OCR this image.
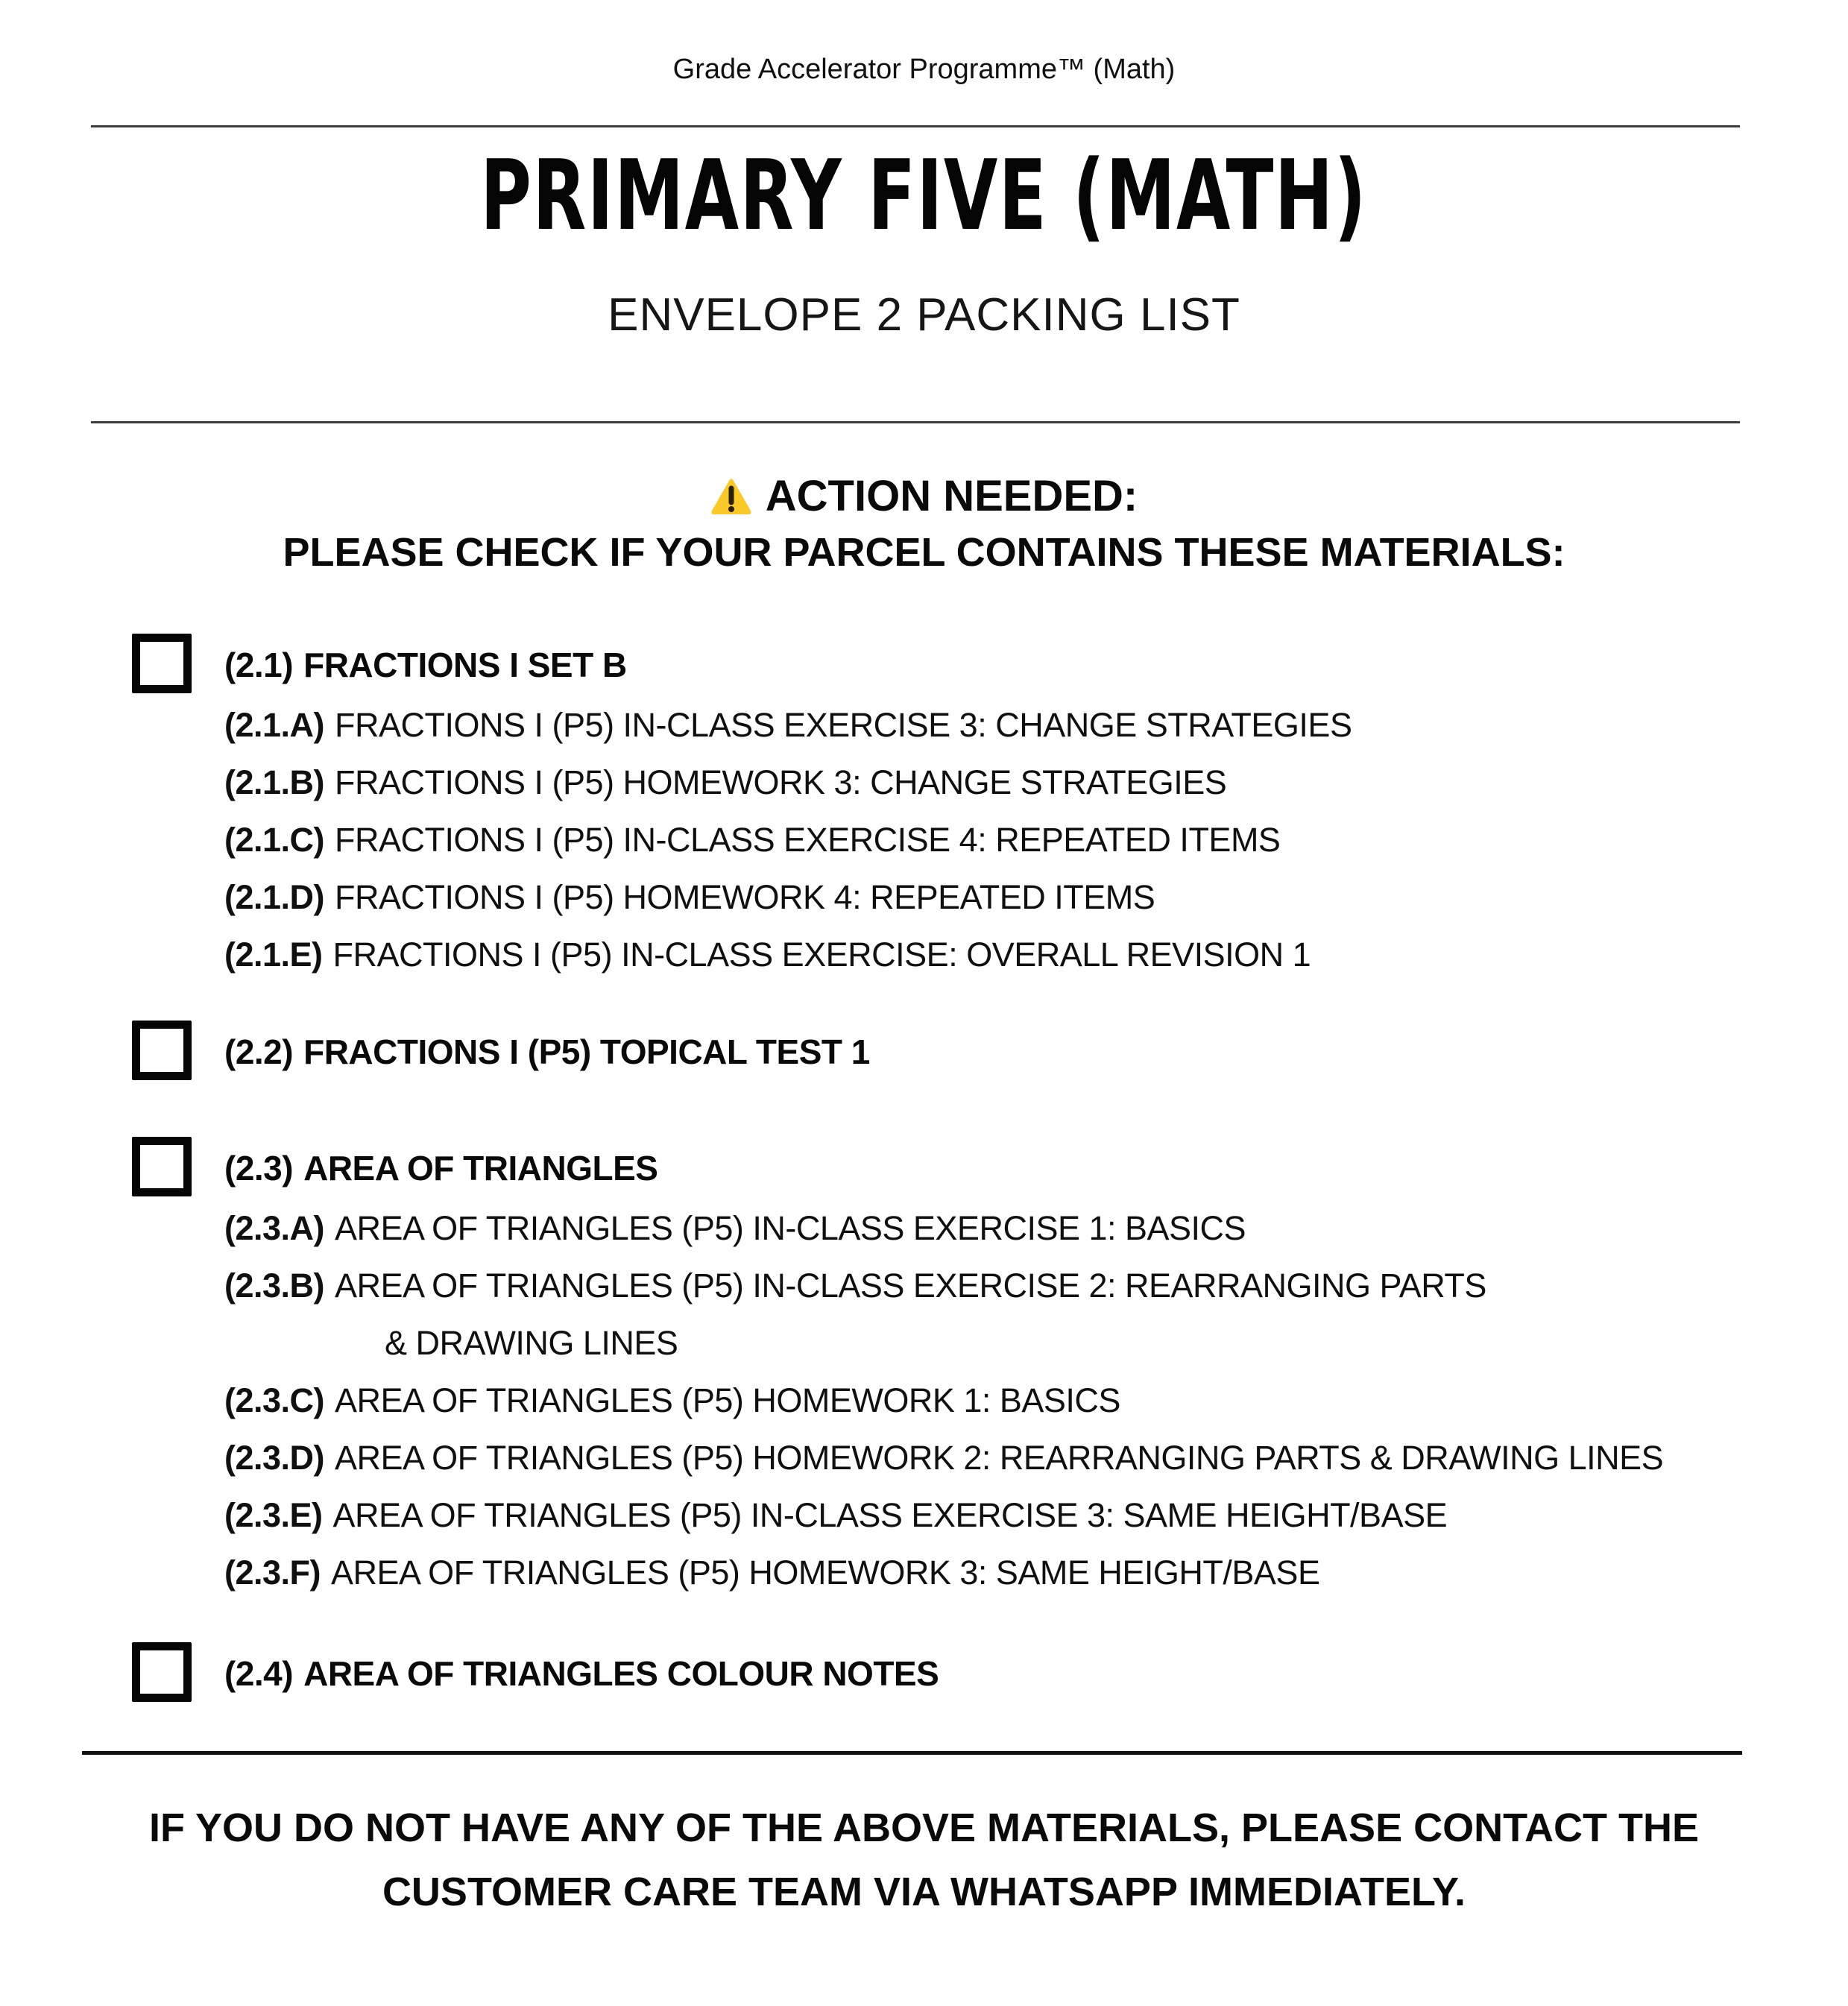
Grade Accelerator Programme™ (Math)
PRIMARY FIVE (MATH)
ENVELOPE 2 PACKING LIST
ACTION NEEDED:
PLEASE CHECK IF YOUR PARCEL CONTAINS THESE MATERIALS:
(2.1) FRACTIONS I SET B
(2.1.A) FRACTIONS I (P5) IN-CLASS EXERCISE 3: CHANGE STRATEGIES
(2.1.B) FRACTIONS I (P5) HOMEWORK 3: CHANGE STRATEGIES
(2.1.C) FRACTIONS I (P5) IN-CLASS EXERCISE 4: REPEATED ITEMS
(2.1.D) FRACTIONS I (P5) HOMEWORK 4: REPEATED ITEMS
(2.1.E) FRACTIONS I (P5) IN-CLASS EXERCISE: OVERALL REVISION 1
(2.2) FRACTIONS I (P5) TOPICAL TEST 1
(2.3) AREA OF TRIANGLES
(2.3.A) AREA OF TRIANGLES (P5) IN-CLASS EXERCISE 1: BASICS
(2.3.B) AREA OF TRIANGLES (P5) IN-CLASS EXERCISE 2: REARRANGING PARTS & DRAWING LINES
(2.3.C) AREA OF TRIANGLES (P5) HOMEWORK 1: BASICS
(2.3.D) AREA OF TRIANGLES (P5) HOMEWORK 2: REARRANGING PARTS & DRAWING LINES
(2.3.E) AREA OF TRIANGLES (P5) IN-CLASS EXERCISE 3: SAME HEIGHT/BASE
(2.3.F) AREA OF TRIANGLES (P5) HOMEWORK 3: SAME HEIGHT/BASE
(2.4) AREA OF TRIANGLES COLOUR NOTES
IF YOU DO NOT HAVE ANY OF THE ABOVE MATERIALS, PLEASE CONTACT THE CUSTOMER CARE TEAM VIA WHATSAPP IMMEDIATELY.
